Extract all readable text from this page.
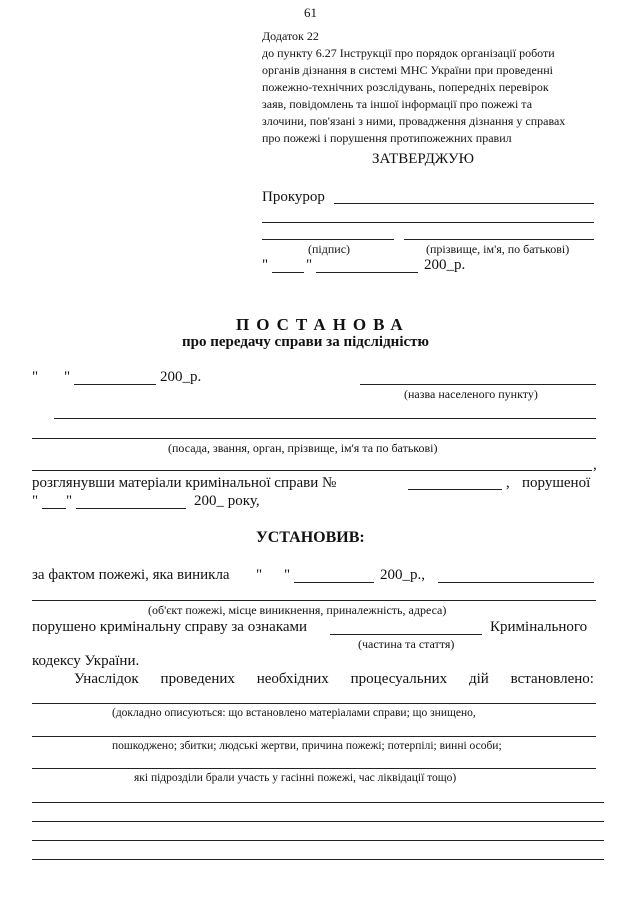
61
Додаток 22
до пункту 6.27 Інструкції про порядок організації роботи
органів дізнання в системі МНС України при проведенні
пожежно-технічних розслідувань, попередніх перевірок
заяв, повідомлень та іншої інформації про пожежі та
злочини, пов'язані з ними, провадження дізнання у справах
про пожежі і порушення протипожежних правил
ЗАТВЕРДЖУЮ
Прокурор
(підпис)	(прізвище, ім'я, по батькові)
"	"	200_р.
ПОСТАНОВА
про передачу справи за підслідністю
" "	200_р.
(назва населеного пункту)
(посада, звання, орган, прізвище, ім'я та по батькові)
,
розглянувши матеріали кримінальної справи №	, порушеної
" "	200_ року,
УСТАНОВИВ:
за фактом пожежі, яка виникла " "	200_р.,
(об'єкт пожежі, місце виникнення, приналежність, адреса)
порушено кримінальну справу за ознаками	Кримінального
(частина та стаття)
кодексу України.
Унаслідок проведених необхідних процесуальних дій встановлено:
(докладно описуються: що встановлено матеріалами справи; що знищено,
пошкоджено; збитки; людські жертви, причина пожежі; потерпілі; винні особи;
які підрозділи брали участь у гасінні пожежі, час ліквідації тощо)
